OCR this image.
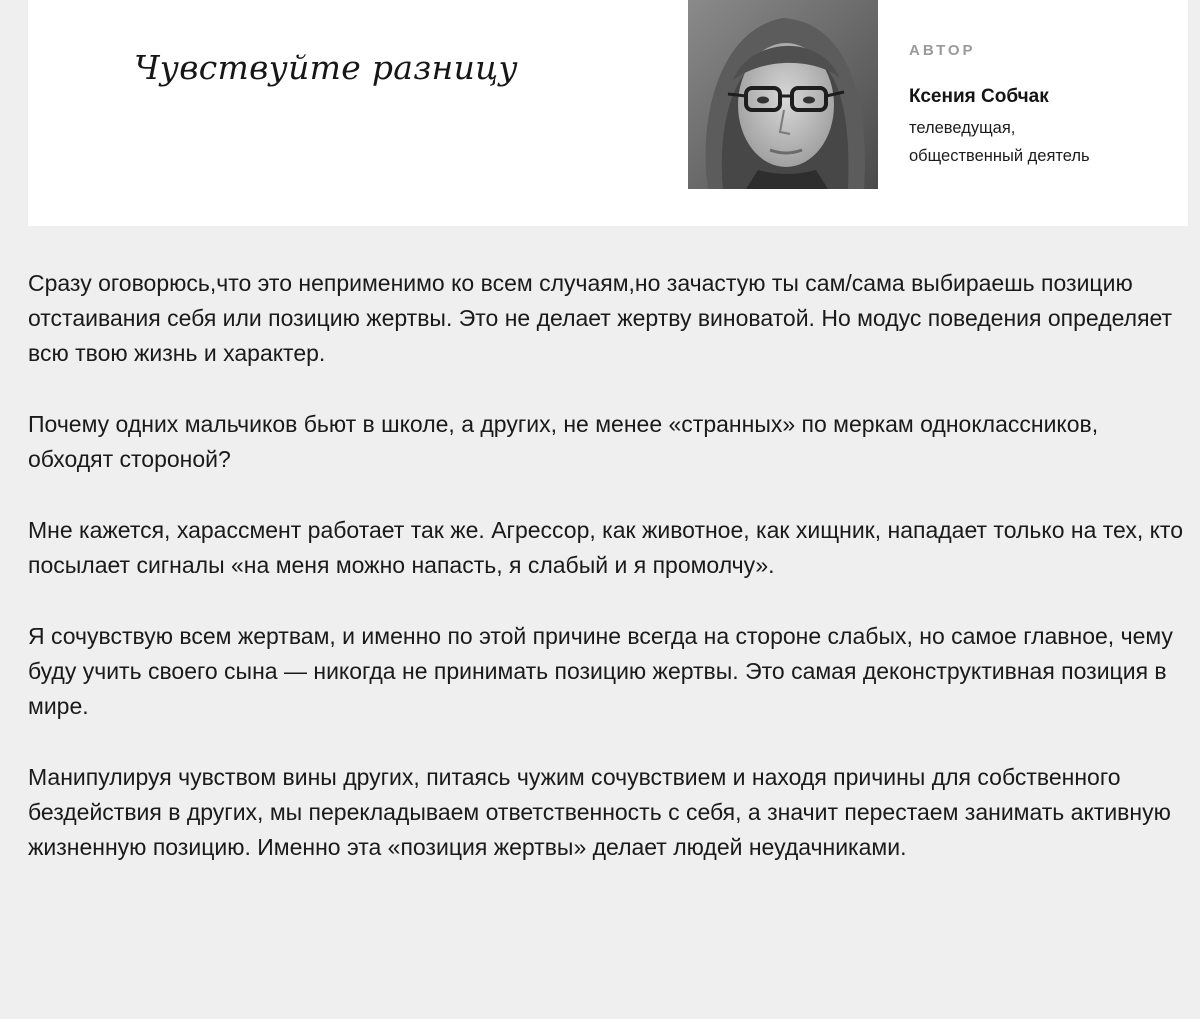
Чувствуйте разницу	АВТОР
Ксения Собчак
телеведущая, общественный деятель

Сразу оговорюсь,что это неприменимо ко всем случаям,но зачастую ты сам/сама выбираешь позицию отстаивания себя или позицию жертвы. Это не делает жертву виноватой. Но модус поведения определяет всю твою жизнь и характер.

Почему одних мальчиков бьют в школе, а других, не менее «странных» по меркам одноклассников, обходят стороной?

Мне кажется, харассмент работает так же. Агрессор, как животное, как хищник, нападает только на тех, кто посылает сигналы «на меня можно напасть, я слабый и я промолчу».

Я сочувствую всем жертвам, и именно по этой причине всегда на стороне слабых, но самое главное, чему буду учить своего сына — никогда не принимать позицию жертвы. Это самая деконструктивная позиция в мире.

Манипулируя чувством вины других, питаясь чужим сочувствием и находя причины для собственного бездействия в других, мы перекладываем ответственность с себя, а значит перестаем занимать активную жизненную позицию. Именно эта «позиция жертвы» делает людей неудачниками.
